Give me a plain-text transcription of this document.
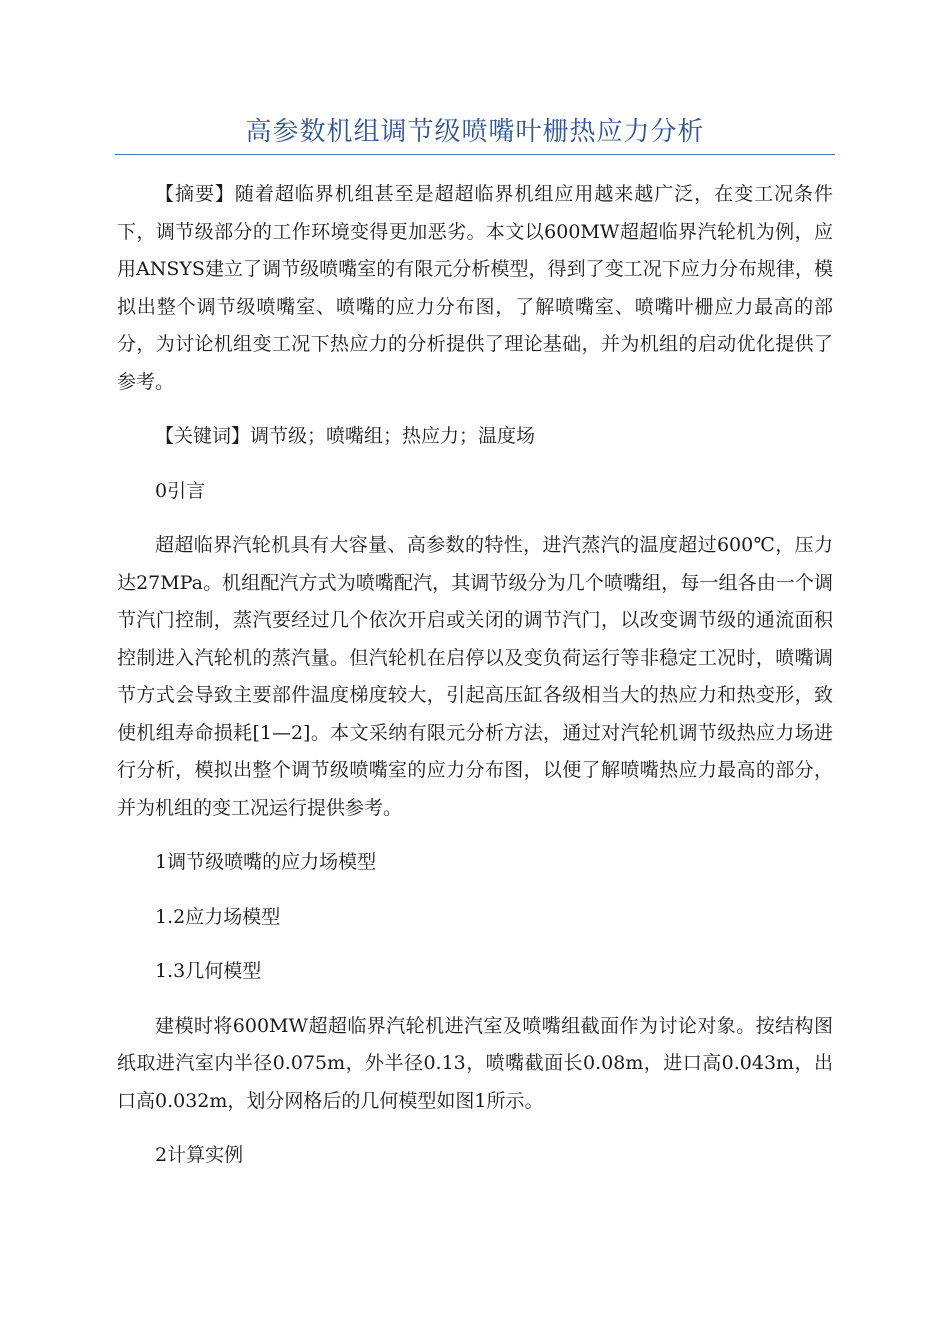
高参数机组调节级喷嘴叶栅热应力分析

【摘要】随着超临界机组甚至是超超临界机组应用越来越广泛，在变工况条件下，调节级部分的工作环境变得更加恶劣。本文以600MW超超临界汽轮机为例，应用ANSYS建立了调节级喷嘴室的有限元分析模型，得到了变工况下应力分布规律，模拟出整个调节级喷嘴室、喷嘴的应力分布图，了解喷嘴室、喷嘴叶栅应力最高的部分，为讨论机组变工况下热应力的分析提供了理论基础，并为机组的启动优化提供了参考。

【关键词】调节级；喷嘴组；热应力；温度场

0引言

超超临界汽轮机具有大容量、高参数的特性，进汽蒸汽的温度超过600℃，压力达27MPa。机组配汽方式为喷嘴配汽，其调节级分为几个喷嘴组，每一组各由一个调节汽门控制，蒸汽要经过几个依次开启或关闭的调节汽门，以改变调节级的通流面积控制进入汽轮机的蒸汽量。但汽轮机在启停以及变负荷运行等非稳定工况时，喷嘴调节方式会导致主要部件温度梯度较大，引起高压缸各级相当大的热应力和热变形，致使机组寿命损耗[1—2]。本文采纳有限元分析方法，通过对汽轮机调节级热应力场进行分析，模拟出整个调节级喷嘴室的应力分布图，以便了解喷嘴热应力最高的部分，并为机组的变工况运行提供参考。

1调节级喷嘴的应力场模型

1.2应力场模型

1.3几何模型

建模时将600MW超超临界汽轮机进汽室及喷嘴组截面作为讨论对象。按结构图纸取进汽室内半径0.075m，外半径0.13，喷嘴截面长0.08m，进口高0.043m，出口高0.032m，划分网格后的几何模型如图1所示。

2计算实例
